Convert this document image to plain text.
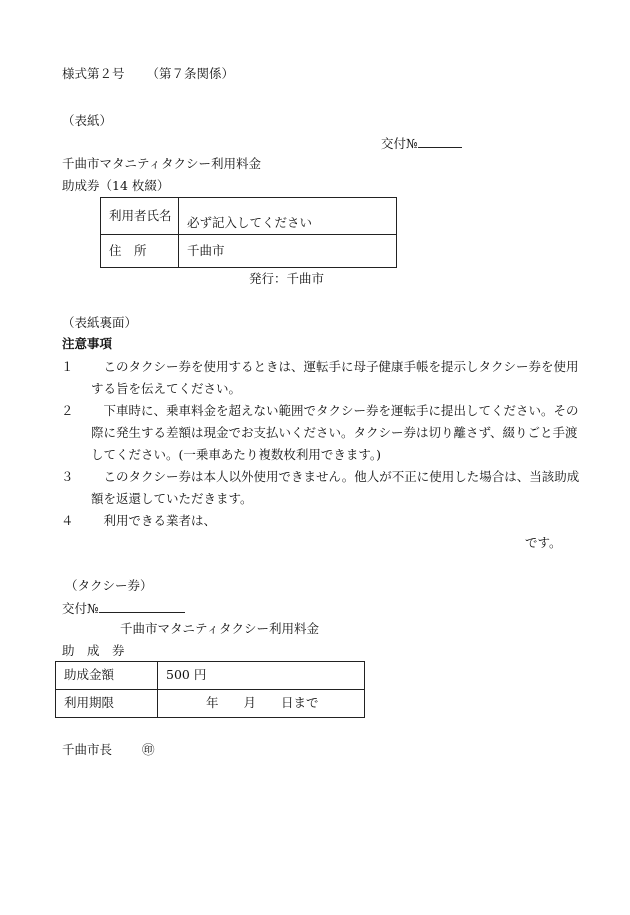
様式第２号 （第７条関係）
（表紙）
交付№
千曲市マタニティタクシー利用料金
助成券（14 枚綴）
利用者氏名	必ず記入してください
住　所	千曲市
発行：千曲市
（表紙裏面）
注意事項
１	このタクシー券を使用するときは、運転手に母子健康手帳を提示しタクシー券を使用する旨を伝えてください。
２	下車時に、乗車料金を超えない範囲でタクシー券を運転手に提出してください。その際に発生する差額は現金でお支払いください。タクシー券は切り離さず、綴りごと手渡してください。(一乗車あたり複数枚利用できます。)
３	このタクシー券は本人以外使用できません。他人が不正に使用した場合は、当該助成額を返還していただきます。
４	利用できる業者は、
です。
（タクシー券）
交付№
千曲市マタニティタクシー利用料金
助　成　券
助成金額	500 円
利用期限	年　　月　　日まで
千曲市長 ㊞
